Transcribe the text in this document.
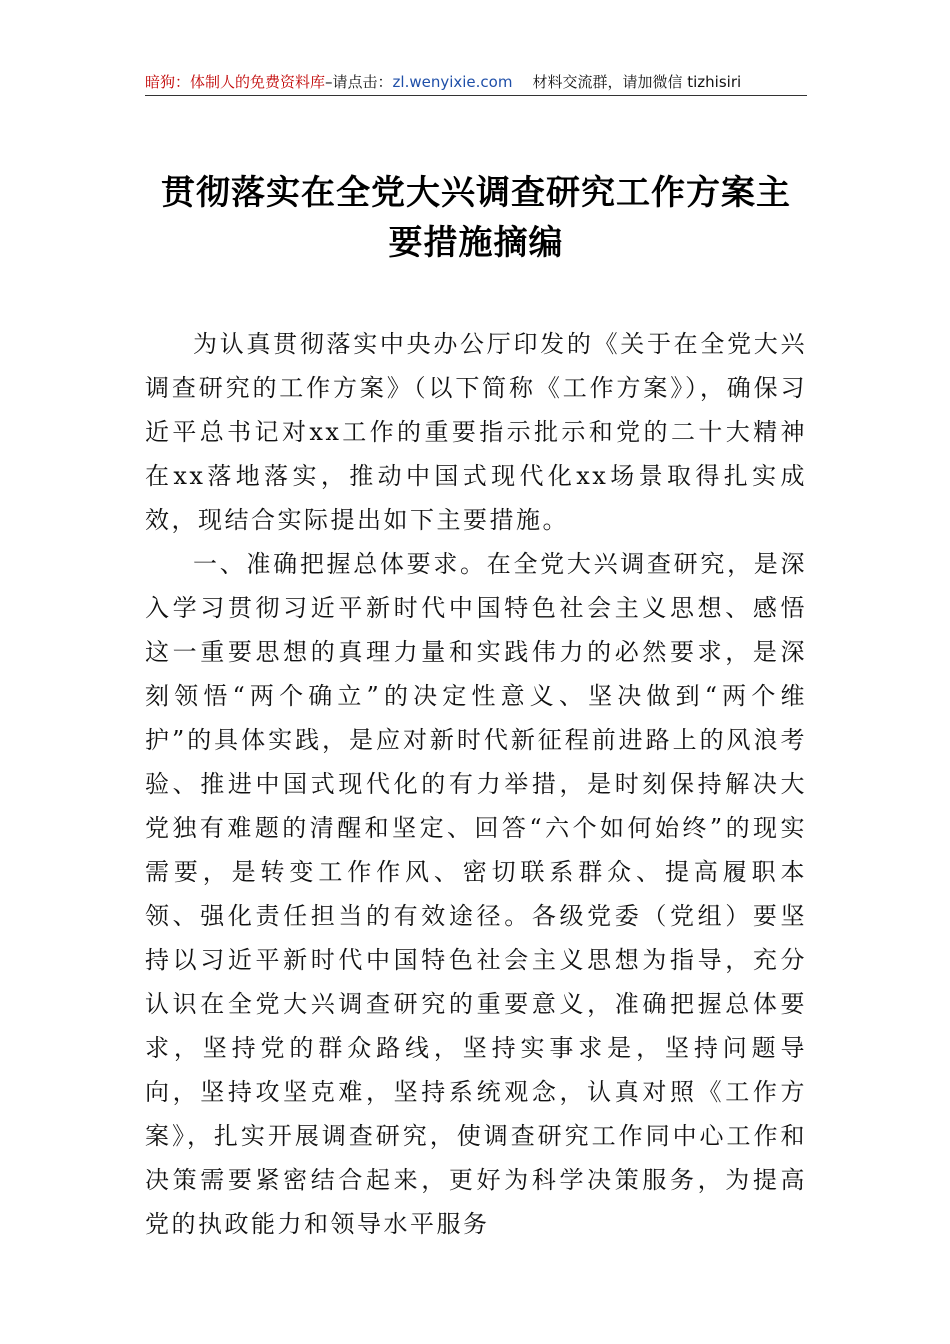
暗狗：体制人的免费资料库–请点击：zl.wenyixie.com 材料交流群，请加微信 tizhisiri
贯彻落实在全党大兴调查研究工作方案主要措施摘编

为认真贯彻落实中央办公厅印发的《关于在全党大兴调查研究的工作方案》（以下简称《工作方案》），确保习近平总书记对xx工作的重要指示批示和党的二十大精神在xx落地落实，推动中国式现代化xx场景取得扎实成效，现结合实际提出如下主要措施。

一、准确把握总体要求。在全党大兴调查研究，是深入学习贯彻习近平新时代中国特色社会主义思想、感悟这一重要思想的真理力量和实践伟力的必然要求，是深刻领悟“两个确立”的决定性意义、坚决做到“两个维护”的具体实践，是应对新时代新征程前进路上的风浪考验、推进中国式现代化的有力举措，是时刻保持解决大党独有难题的清醒和坚定、回答“六个如何始终”的现实需要，是转变工作作风、密切联系群众、提高履职本领、强化责任担当的有效途径。各级党委（党组）要坚持以习近平新时代中国特色社会主义思想为指导，充分认识在全党大兴调查研究的重要意义，准确把握总体要求，坚持党的群众路线，坚持实事求是，坚持问题导向，坚持攻坚克难，坚持系统观念，认真对照《工作方案》，扎实开展调查研究，使调查研究工作同中心工作和决策需要紧密结合起来，更好为科学决策服务，为提高党的执政能力和领导水平服务
